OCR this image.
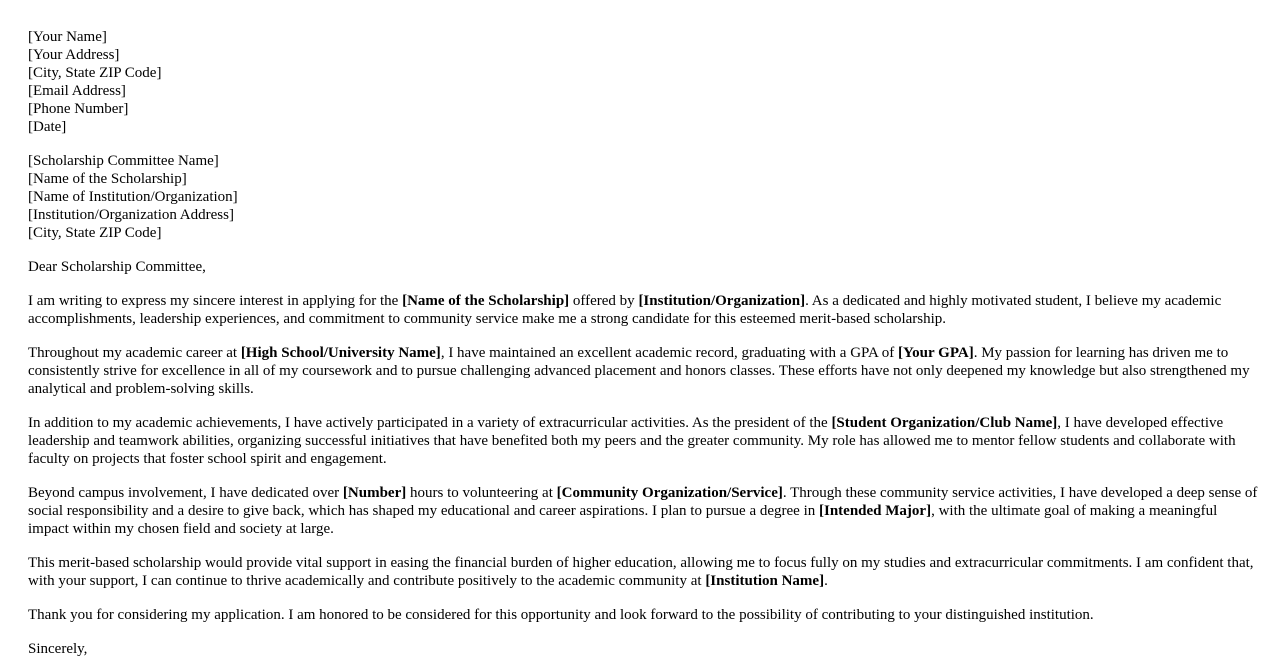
[Your Name]
[Your Address]
[City, State ZIP Code]
[Email Address]
[Phone Number]
[Date]
[Scholarship Committee Name]
[Name of the Scholarship]
[Name of Institution/Organization]
[Institution/Organization Address]
[City, State ZIP Code]

Dear Scholarship Committee,

I am writing to express my sincere interest in applying for the [Name of the Scholarship] offered by [Institution/Organization]. As a dedicated and highly motivated student, I believe my academic accomplishments, leadership experiences, and commitment to community service make me a strong candidate for this esteemed merit-based scholarship.

Throughout my academic career at [High School/University Name], I have maintained an excellent academic record, graduating with a GPA of [Your GPA]. My passion for learning has driven me to consistently strive for excellence in all of my coursework and to pursue challenging advanced placement and honors classes. These efforts have not only deepened my knowledge but also strengthened my analytical and problem-solving skills.

In addition to my academic achievements, I have actively participated in a variety of extracurricular activities. As the president of the [Student Organization/Club Name], I have developed effective leadership and teamwork abilities, organizing successful initiatives that have benefited both my peers and the greater community. My role has allowed me to mentor fellow students and collaborate with faculty on projects that foster school spirit and engagement.

Beyond campus involvement, I have dedicated over [Number] hours to volunteering at [Community Organization/Service]. Through these community service activities, I have developed a deep sense of social responsibility and a desire to give back, which has shaped my educational and career aspirations. I plan to pursue a degree in [Intended Major], with the ultimate goal of making a meaningful impact within my chosen field and society at large.

This merit-based scholarship would provide vital support in easing the financial burden of higher education, allowing me to focus fully on my studies and extracurricular commitments. I am confident that, with your support, I can continue to thrive academically and contribute positively to the academic community at [Institution Name].

Thank you for considering my application. I am honored to be considered for this opportunity and look forward to the possibility of contributing to your distinguished institution.

Sincerely,
